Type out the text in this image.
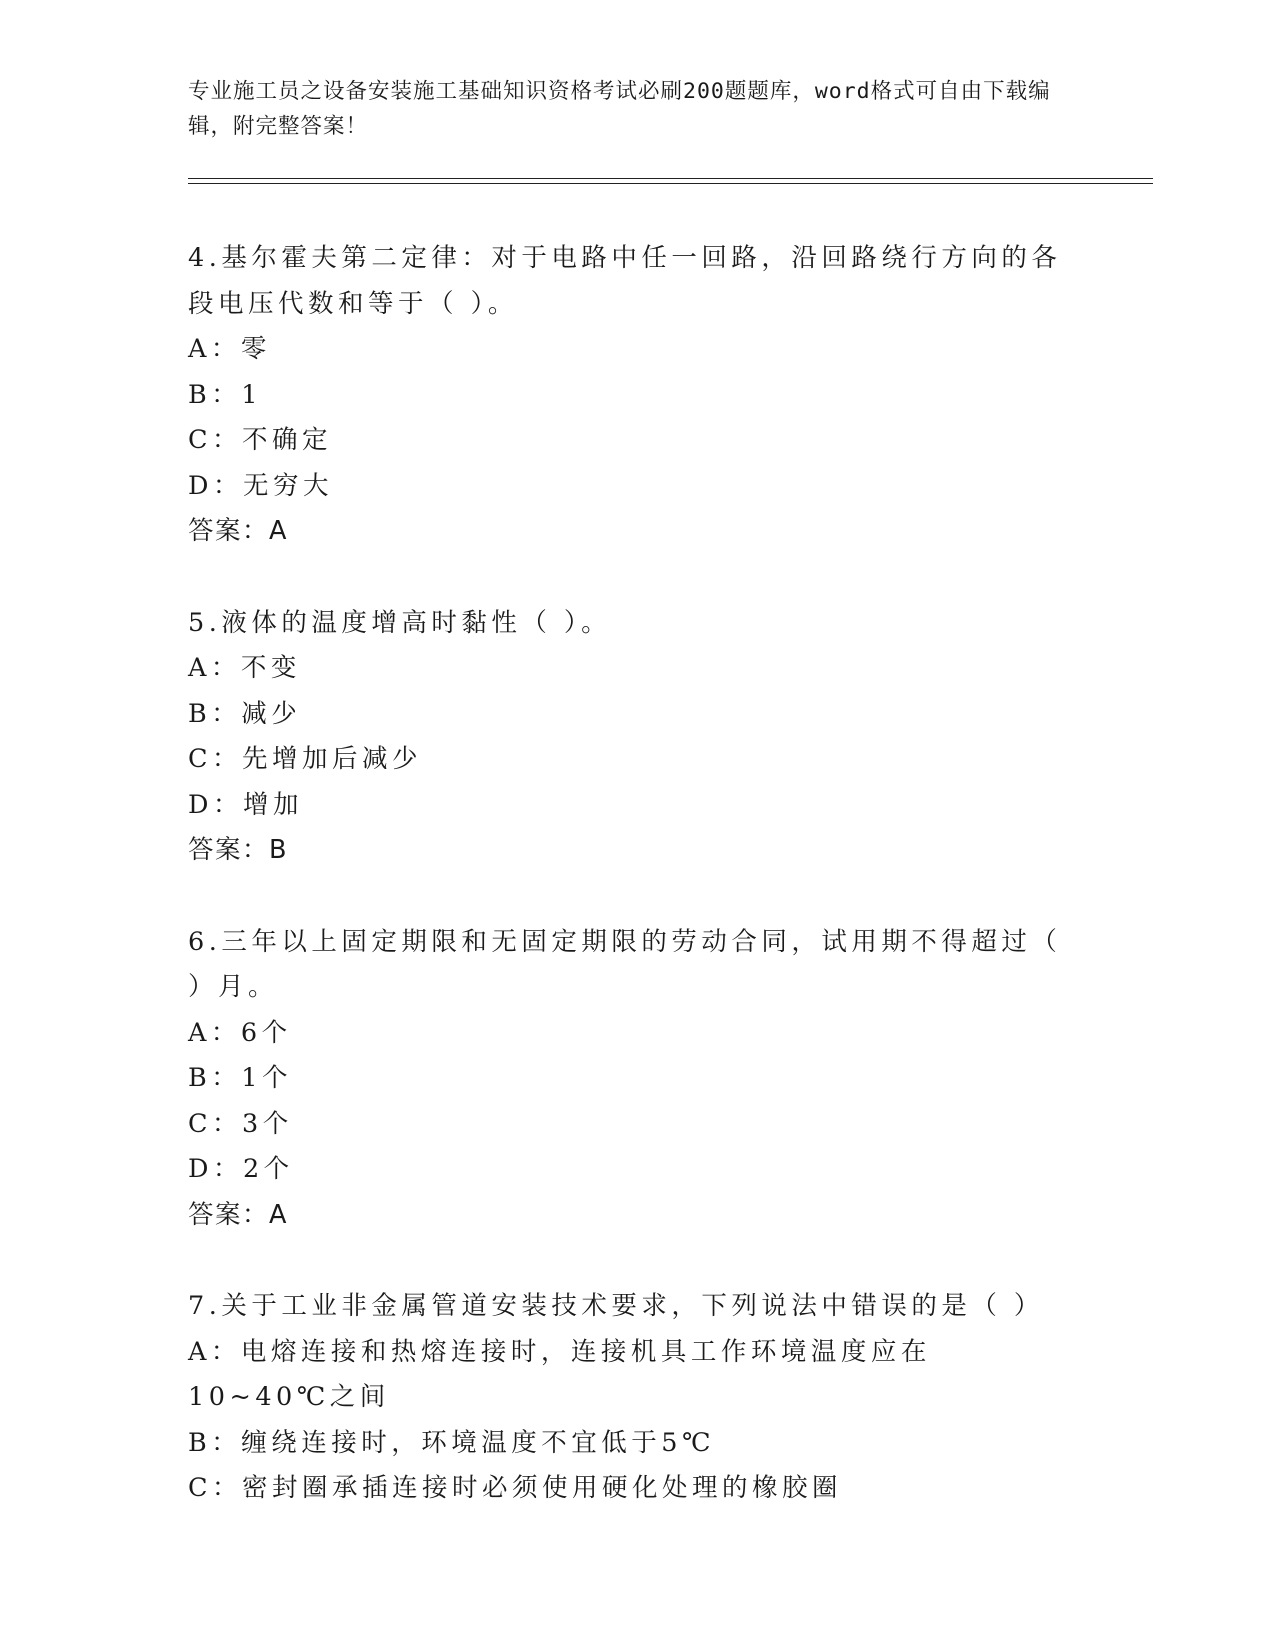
专业施工员之设备安装施工基础知识资格考试必刷200题题库，word格式可自由下载编辑，附完整答案！
4.基尔霍夫第二定律：对于电路中任一回路，沿回路绕行方向的各段电压代数和等于（ ）。
A：零
B：1
C：不确定
D：无穷大
答案：A
5.液体的温度增高时黏性（ ）。
A：不变
B：减少
C：先增加后减少
D：增加
答案：B
6.三年以上固定期限和无固定期限的劳动合同，试用期不得超过（ ）月。
A：6个
B：1个
C：3个
D：2个
答案：A
7.关于工业非金属管道安装技术要求，下列说法中错误的是（ ）
A：电熔连接和热熔连接时，连接机具工作环境温度应在10~40℃之间
B：缠绕连接时，环境温度不宜低于5℃
C：密封圈承插连接时必须使用硬化处理的橡胶圈
